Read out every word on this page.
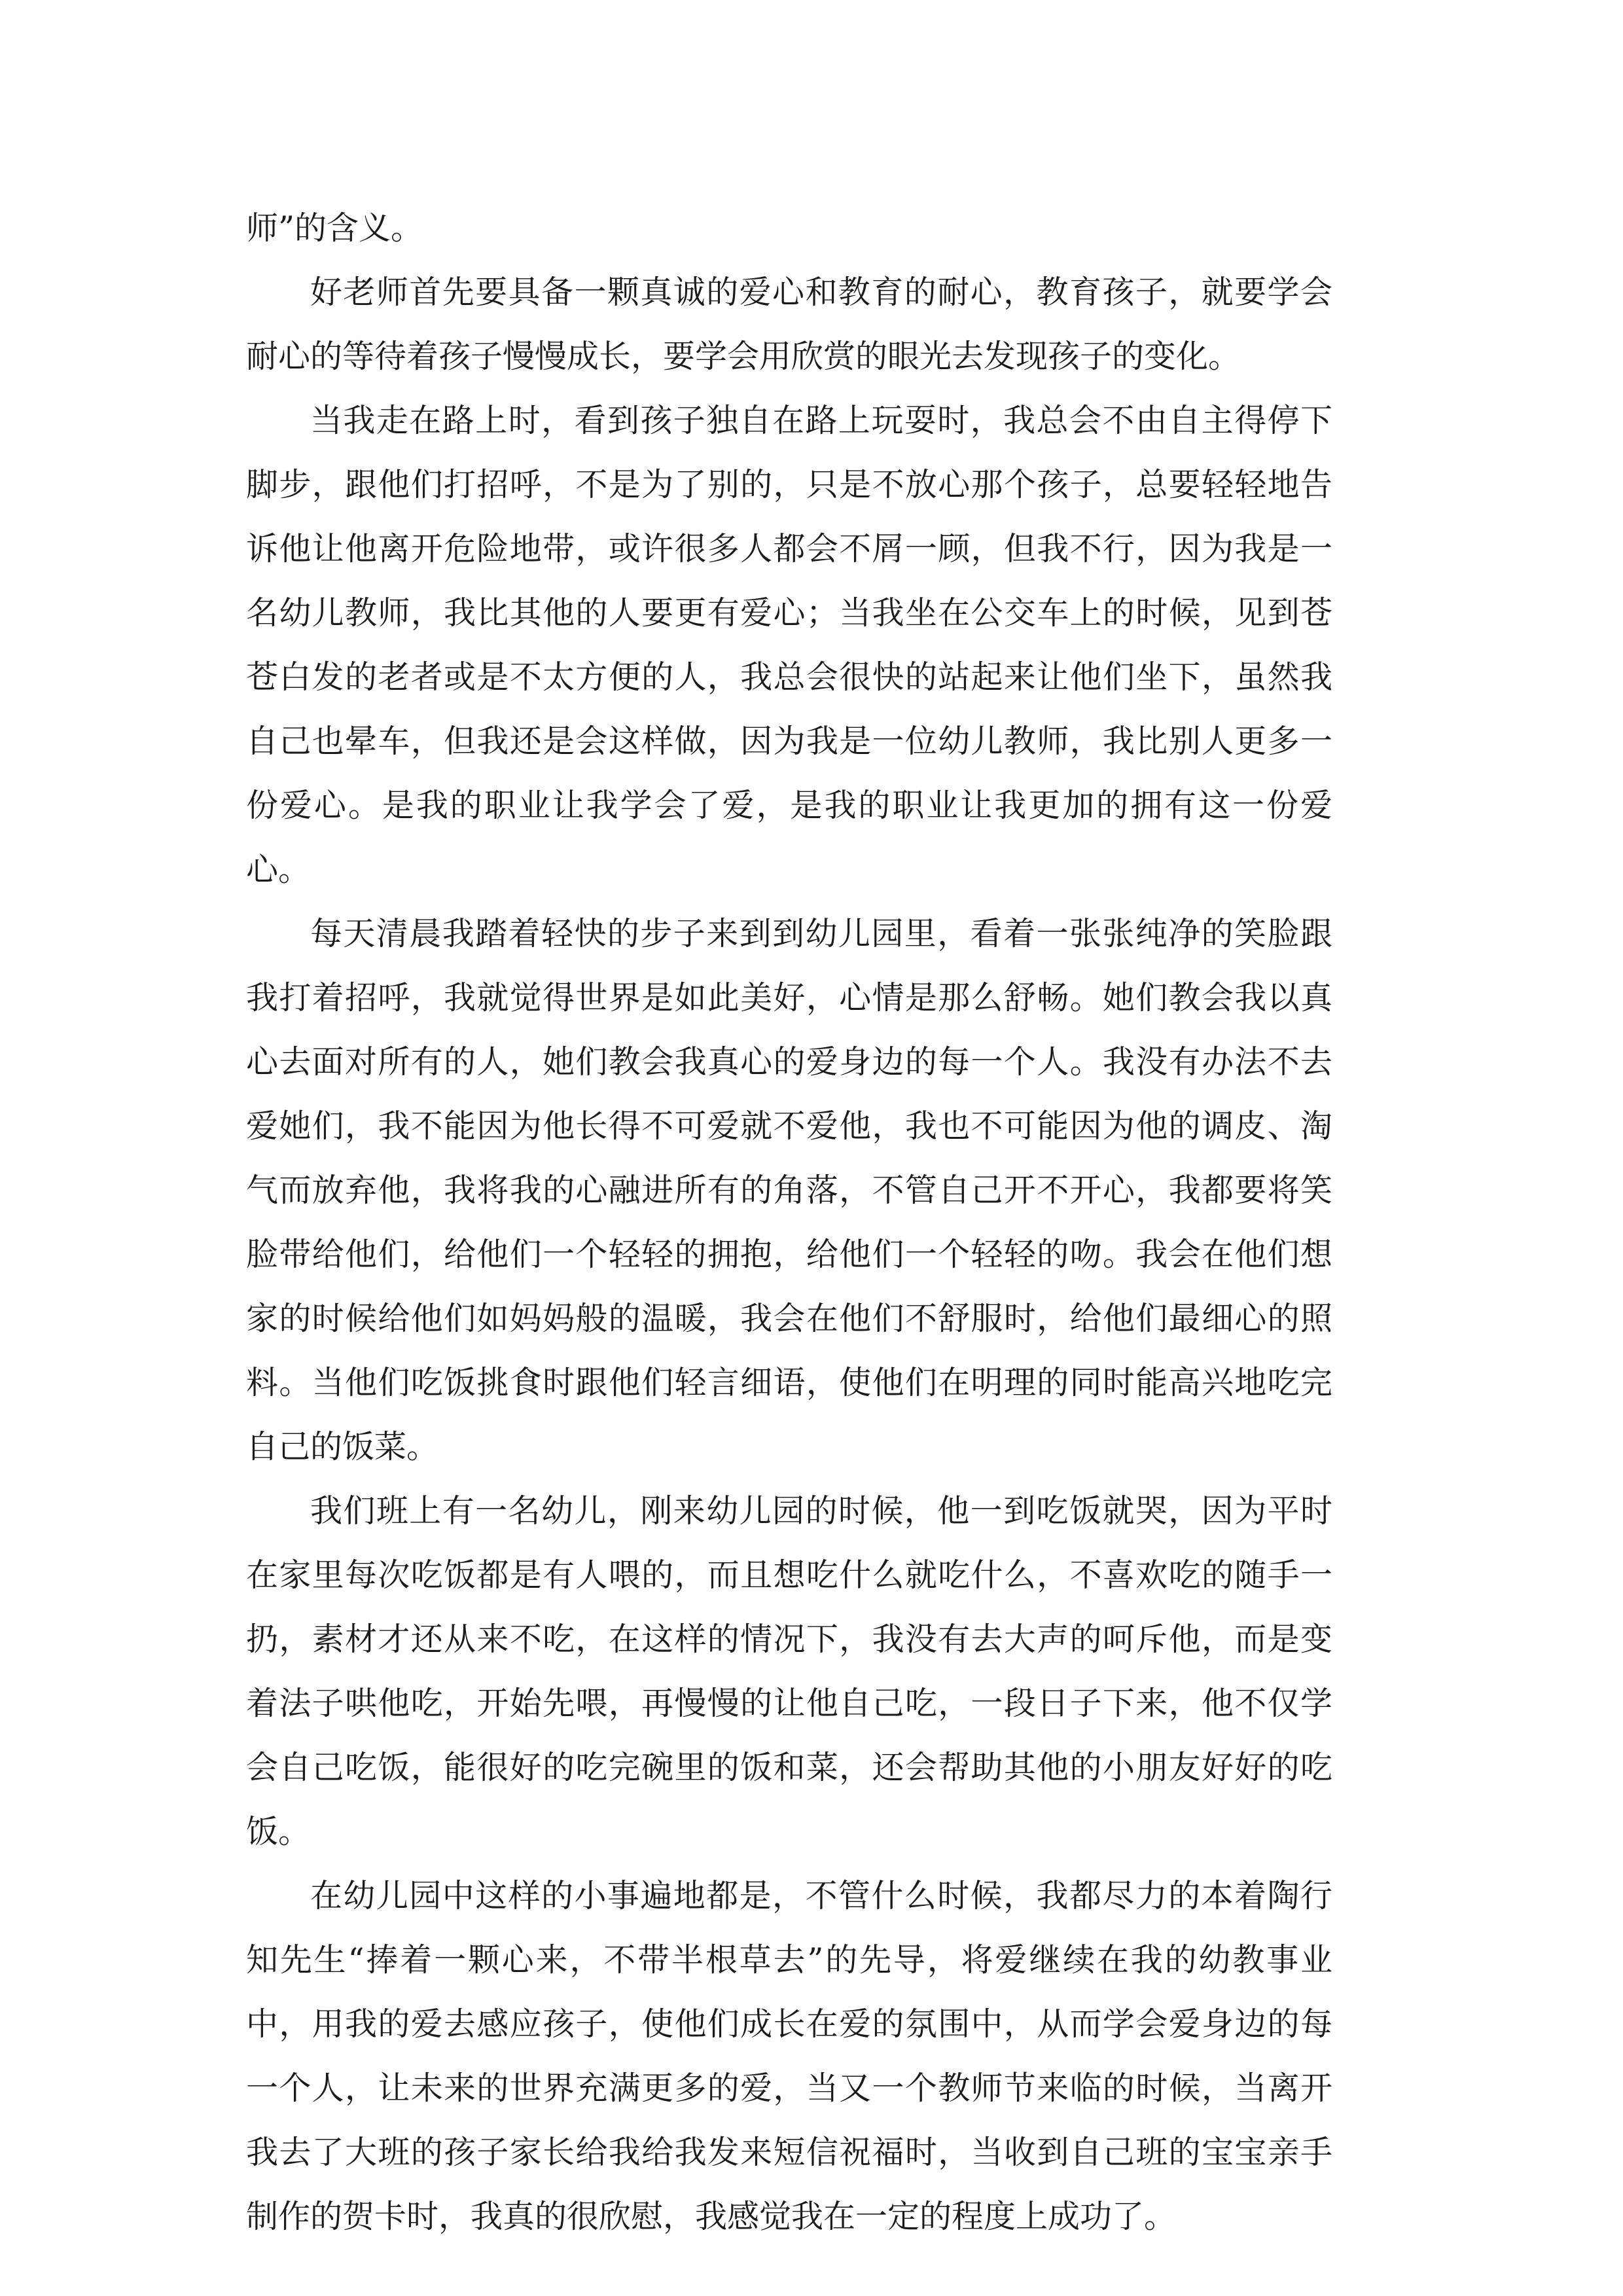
师”的含义。

好老师首先要具备一颗真诚的爱心和教育的耐心，教育孩子，就要学会耐心的等待着孩子慢慢成长，要学会用欣赏的眼光去发现孩子的变化。

当我走在路上时，看到孩子独自在路上玩耍时，我总会不由自主得停下脚步，跟他们打招呼，不是为了别的，只是不放心那个孩子，总要轻轻地告诉他让他离开危险地带，或许很多人都会不屑一顾，但我不行，因为我是一名幼儿教师，我比其他的人要更有爱心；当我坐在公交车上的时候，见到苍苍白发的老者或是不太方便的人，我总会很快的站起来让他们坐下，虽然我自己也晕车，但我还是会这样做，因为我是一位幼儿教师，我比别人更多一份爱心。是我的职业让我学会了爱，是我的职业让我更加的拥有这一份爱心。

每天清晨我踏着轻快的步子来到到幼儿园里，看着一张张纯净的笑脸跟我打着招呼，我就觉得世界是如此美好，心情是那么舒畅。她们教会我以真心去面对所有的人，她们教会我真心的爱身边的每一个人。我没有办法不去爱她们，我不能因为他长得不可爱就不爱他，我也不可能因为他的调皮、淘气而放弃他，我将我的心融进所有的角落，不管自己开不开心，我都要将笑脸带给他们，给他们一个轻轻的拥抱，给他们一个轻轻的吻。我会在他们想家的时候给他们如妈妈般的温暖，我会在他们不舒服时，给他们最细心的照料。当他们吃饭挑食时跟他们轻言细语，使他们在明理的同时能高兴地吃完自己的饭菜。

我们班上有一名幼儿，刚来幼儿园的时候，他一到吃饭就哭，因为平时在家里每次吃饭都是有人喂的，而且想吃什么就吃什么，不喜欢吃的随手一扔，素材才还从来不吃，在这样的情况下，我没有去大声的呵斥他，而是变着法子哄他吃，开始先喂，再慢慢的让他自己吃，一段日子下来，他不仅学会自己吃饭，能很好的吃完碗里的饭和菜，还会帮助其他的小朋友好好的吃饭。

在幼儿园中这样的小事遍地都是，不管什么时候，我都尽力的本着陶行知先生“捧着一颗心来，不带半根草去”的先导，将爱继续在我的幼教事业中，用我的爱去感应孩子，使他们成长在爱的氛围中，从而学会爱身边的每一个人，让未来的世界充满更多的爱，当又一个教师节来临的时候，当离开我去了大班的孩子家长给我给我发来短信祝福时，当收到自己班的宝宝亲手制作的贺卡时，我真的很欣慰，我感觉我在一定的程度上成功了。
